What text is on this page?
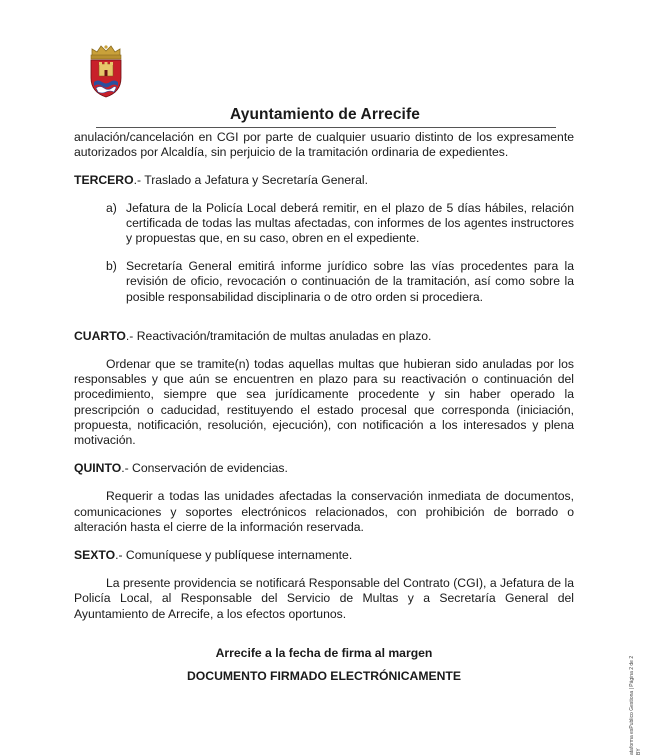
Ayuntamiento de Arrecife

anulación/cancelación en CGI por parte de cualquier usuario distinto de los expresamente autorizados por Alcaldía, sin perjuicio de la tramitación ordinaria de expedientes.

TERCERO.- Traslado a Jefatura y Secretaría General.

a) Jefatura de la Policía Local deberá remitir, en el plazo de 5 días hábiles, relación certificada de todas las multas afectadas, con informes de los agentes instructores y propuestas que, en su caso, obren en el expediente.
b) Secretaría General emitirá informe jurídico sobre las vías procedentes para la revisión de oficio, revocación o continuación de la tramitación, así como sobre la posible responsabilidad disciplinaria o de otro orden si procediera.

CUARTO.- Reactivación/tramitación de multas anuladas en plazo.

Ordenar que se tramite(n) todas aquellas multas que hubieran sido anuladas por los responsables y que aún se encuentren en plazo para su reactivación o continuación del procedimiento, siempre que sea jurídicamente procedente y sin haber operado la prescripción o caducidad, restituyendo el estado procesal que corresponda (iniciación, propuesta, notificación, resolución, ejecución), con notificación a los interesados y plena motivación.

QUINTO.- Conservación de evidencias.

Requerir a todas las unidades afectadas la conservación inmediata de documentos, comunicaciones y soportes electrónicos relacionados, con prohibición de borrado o alteración hasta el cierre de la información reservada.

SEXTO.- Comuníquese y publíquese internamente.

La presente providencia se notificará Responsable del Contrato (CGI), a Jefatura de la Policía Local, al Responsable del Servicio de Multas y a Secretaría General del Ayuntamiento de Arrecife, a los efectos oportunos.

Arrecife a la fecha de firma al margen

DOCUMENTO FIRMADO ELECTRÓNICAMENTE	ataforma esPublico Gestiona | Página 2 de 2 BY
